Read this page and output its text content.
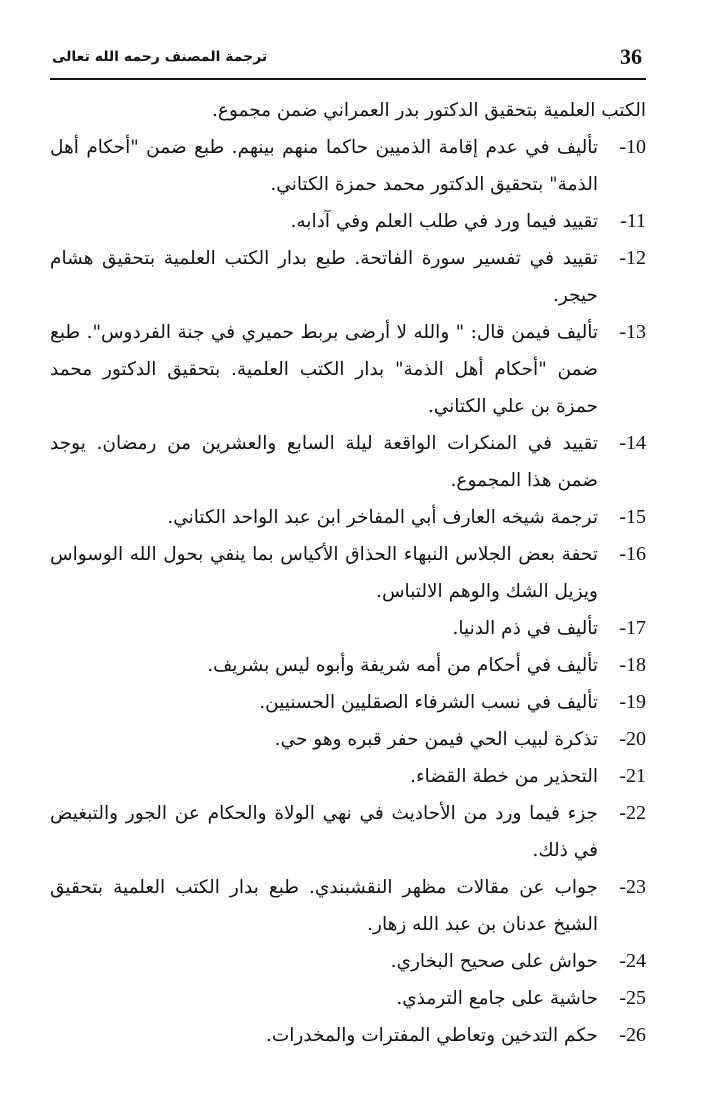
36
ترجمة المصنف رحمه الله تعالى

الكتب العلمية بتحقيق الدكتور بدر العمراني ضمن مجموع.

10-تأليف في عدم إقامة الذميين حاكما منهم بينهم. طبع ضمن "أحكام أهل الذمة" بتحقيق الدكتور محمد حمزة الكتاني.

11-تقييد فيما ورد في طلب العلم وفي آدابه.

12-تقييد في تفسير سورة الفاتحة. طبع بدار الكتب العلمية بتحقيق هشام حيجر.

13-تأليف فيمن قال: " والله لا أرضى بربط حميري في جنة الفردوس". طبع ضمن "أحكام أهل الذمة" بدار الكتب العلمية. بتحقيق الدكتور محمد حمزة بن علي الكتاني.

14-تقييد في المنكرات الواقعة ليلة السابع والعشرين من رمضان. يوجد ضمن هذا المجموع.

15-ترجمة شيخه العارف أبي المفاخر ابن عبد الواحد الكتاني.

16-تحفة بعض الجلاس النبهاء الحذاق الأكياس بما ينفي بحول الله الوسواس ويزيل الشك والوهم الالتباس.

17-تأليف في ذم الدنيا.

18-تأليف في أحكام من أمه شريفة وأبوه ليس بشريف.

19-تأليف في نسب الشرفاء الصقليين الحسنيين.

20-تذكرة لبيب الحي فيمن حفر قبره وهو حي.

21-التحذير من خطة القضاء.

22-جزء فيما ورد من الأحاديث في نهي الولاة والحكام عن الجور والتبغيض في ذلك.

23-جواب عن مقالات مظهر النقشبندي. طبع بدار الكتب العلمية بتحقيق الشيخ عدنان بن عبد الله زهار.

24-حواش على صحيح البخاري.

25-حاشية على جامع الترمذي.

26-حكم التدخين وتعاطي المفترات والمخدرات.
